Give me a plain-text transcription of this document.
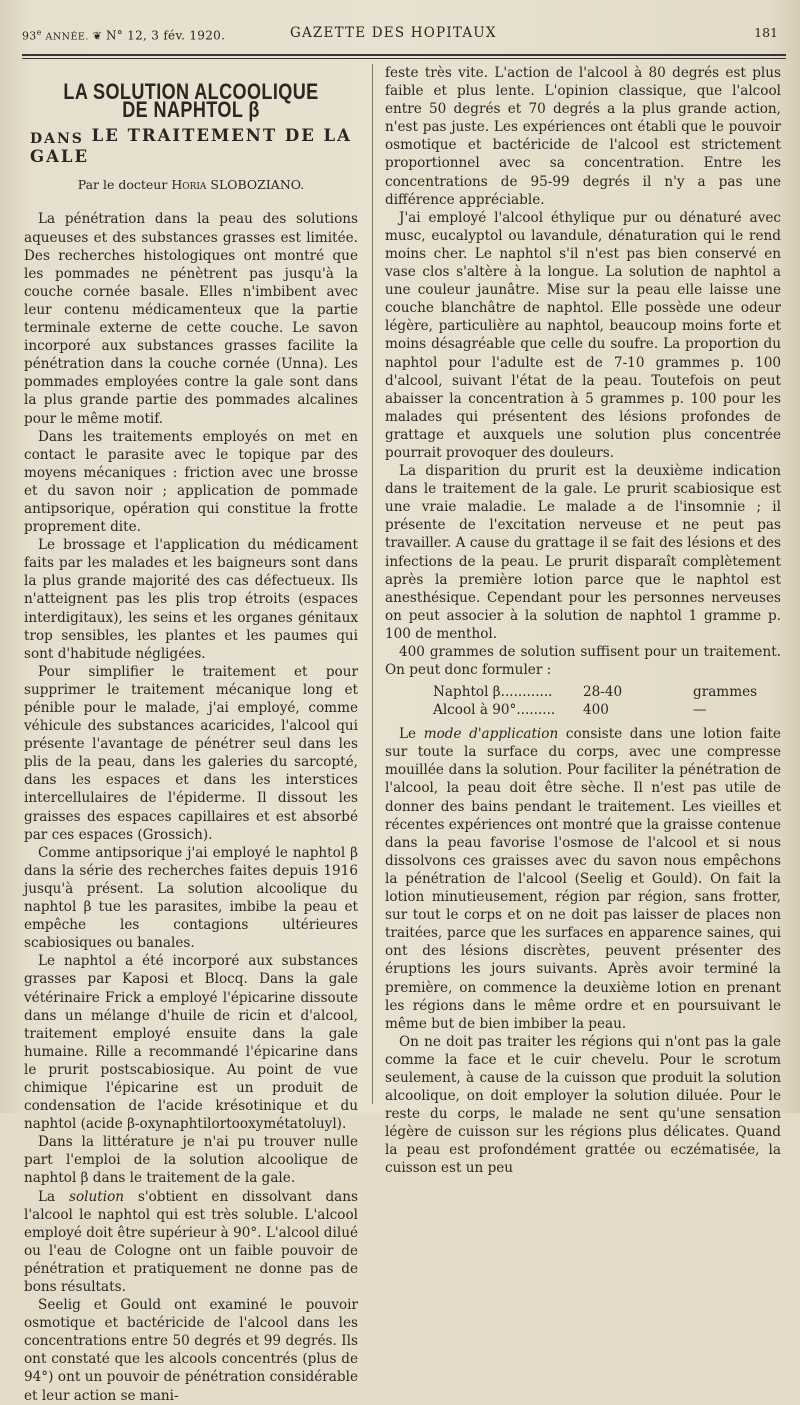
93e ANNÉE. ❦ N° 12, 3 fév. 1920.	GAZETTE DES HOPITAUX	181
LA SOLUTION ALCOOLIQUE DE NAPHTOL β
DANS LE TRAITEMENT DE LA GALE
Par le docteur Horia SLOBOZIANO.

La pénétration dans la peau des solutions aqueuses et des substances grasses est limitée. Des recherches histologiques ont montré que les pommades ne pénètrent pas jusqu'à la couche cornée basale. Elles n'imbibent avec leur contenu médicamenteux que la partie terminale externe de cette couche. Le savon incorporé aux substances grasses facilite la pénétration dans la couche cornée (Unna). Les pommades employées contre la gale sont dans la plus grande partie des pommades alcalines pour le même motif.

Dans les traitements employés on met en contact le parasite avec le topique par des moyens mécaniques : friction avec une brosse et du savon noir ; application de pommade antipsorique, opération qui constitue la frotte proprement dite.

Le brossage et l'application du médicament faits par les malades et les baigneurs sont dans la plus grande majorité des cas défectueux. Ils n'atteignent pas les plis trop étroits (espaces interdigitaux), les seins et les organes génitaux trop sensibles, les plantes et les paumes qui sont d'habitude négligées.

Pour simplifier le traitement et pour supprimer le traitement mécanique long et pénible pour le malade, j'ai employé, comme véhicule des substances acaricides, l'alcool qui présente l'avantage de pénétrer seul dans les plis de la peau, dans les galeries du sarcopté, dans les espaces et dans les interstices intercellulaires de l'épiderme. Il dissout les graisses des espaces capillaires et est absorbé par ces espaces (Grossich).

Comme antipsorique j'ai employé le naphtol β dans la série des recherches faites depuis 1916 jusqu'à présent. La solution alcoolique du naphtol β tue les parasites, imbibe la peau et empêche les contagions ultérieures scabiosiques ou banales.

Le naphtol a été incorporé aux substances grasses par Kaposi et Blocq. Dans la gale vétérinaire Frick a employé l'épicarine dissoute dans un mélange d'huile de ricin et d'alcool, traitement employé ensuite dans la gale humaine. Rille a recommandé l'épicarine dans le prurit postscabiosique. Au point de vue chimique l'épicarine est un produit de condensation de l'acide krésotinique et du naphtol (acide β-oxynaphtilortooxymétatoluyl).

Dans la littérature je n'ai pu trouver nulle part l'emploi de la solution alcoolique de naphtol β dans le traitement de la gale.

La solution s'obtient en dissolvant dans l'alcool le naphtol qui est très soluble. L'alcool employé doit être supérieur à 90°. L'alcool dilué ou l'eau de Cologne ont un faible pouvoir de pénétration et pratiquement ne donne pas de bons résultats.

Seelig et Gould ont examiné le pouvoir osmotique et bactéricide de l'alcool dans les concentrations entre 50 degrés et 99 degrés. Ils ont constaté que les alcools concentrés (plus de 94°) ont un pouvoir de pénétration considérable et leur action se mani-

feste très vite. L'action de l'alcool à 80 degrés est plus faible et plus lente. L'opinion classique, que l'alcool entre 50 degrés et 70 degrés a la plus grande action, n'est pas juste. Les expériences ont établi que le pouvoir osmotique et bactéricide de l'alcool est strictement proportionnel avec sa concentration. Entre les concentrations de 95-99 degrés il n'y a pas une différence appréciable.

J'ai employé l'alcool éthylique pur ou dénaturé avec musc, eucalyptol ou lavandule, dénaturation qui le rend moins cher. Le naphtol s'il n'est pas bien conservé en vase clos s'altère à la longue. La solution de naphtol a une couleur jaunâtre. Mise sur la peau elle laisse une couche blanchâtre de naphtol. Elle possède une odeur légère, particulière au naphtol, beaucoup moins forte et moins désagréable que celle du soufre. La proportion du naphtol pour l'adulte est de 7-10 grammes p. 100 d'alcool, suivant l'état de la peau. Toutefois on peut abaisser la concentration à 5 grammes p. 100 pour les malades qui présentent des lésions profondes de grattage et auxquels une solution plus concentrée pourrait provoquer des douleurs.

La disparition du prurit est la deuxième indication dans le traitement de la gale. Le prurit scabiosique est une vraie maladie. Le malade a de l'insomnie ; il présente de l'excitation nerveuse et ne peut pas travailler. A cause du grattage il se fait des lésions et des infections de la peau. Le prurit disparaît complètement après la première lotion parce que le naphtol est anesthésique. Cependant pour les personnes nerveuses on peut associer à la solution de naphtol 1 gramme p. 100 de menthol.

400 grammes de solution suffisent pour un traitement. On peut donc formuler :

Naphtol β............	28-40	grammes
Alcool à 90°.........	400	—

Le mode d'application consiste dans une lotion faite sur toute la surface du corps, avec une compresse mouillée dans la solution. Pour faciliter la pénétration de l'alcool, la peau doit être sèche. Il n'est pas utile de donner des bains pendant le traitement. Les vieilles et récentes expériences ont montré que la graisse contenue dans la peau favorise l'osmose de l'alcool et si nous dissolvons ces graisses avec du savon nous empêchons la pénétration de l'alcool (Seelig et Gould). On fait la lotion minutieusement, région par région, sans frotter, sur tout le corps et on ne doit pas laisser de places non traitées, parce que les surfaces en apparence saines, qui ont des lésions discrètes, peuvent présenter des éruptions les jours suivants. Après avoir terminé la première, on commence la deuxième lotion en prenant les régions dans le même ordre et en poursuivant le même but de bien imbiber la peau.

On ne doit pas traiter les régions qui n'ont pas la gale comme la face et le cuir chevelu. Pour le scrotum seulement, à cause de la cuisson que produit la solution alcoolique, on doit employer la solution diluée. Pour le reste du corps, le malade ne sent qu'une sensation légère de cuisson sur les régions plus délicates. Quand la peau est profondément grattée ou eczématisée, la cuisson est un peu
